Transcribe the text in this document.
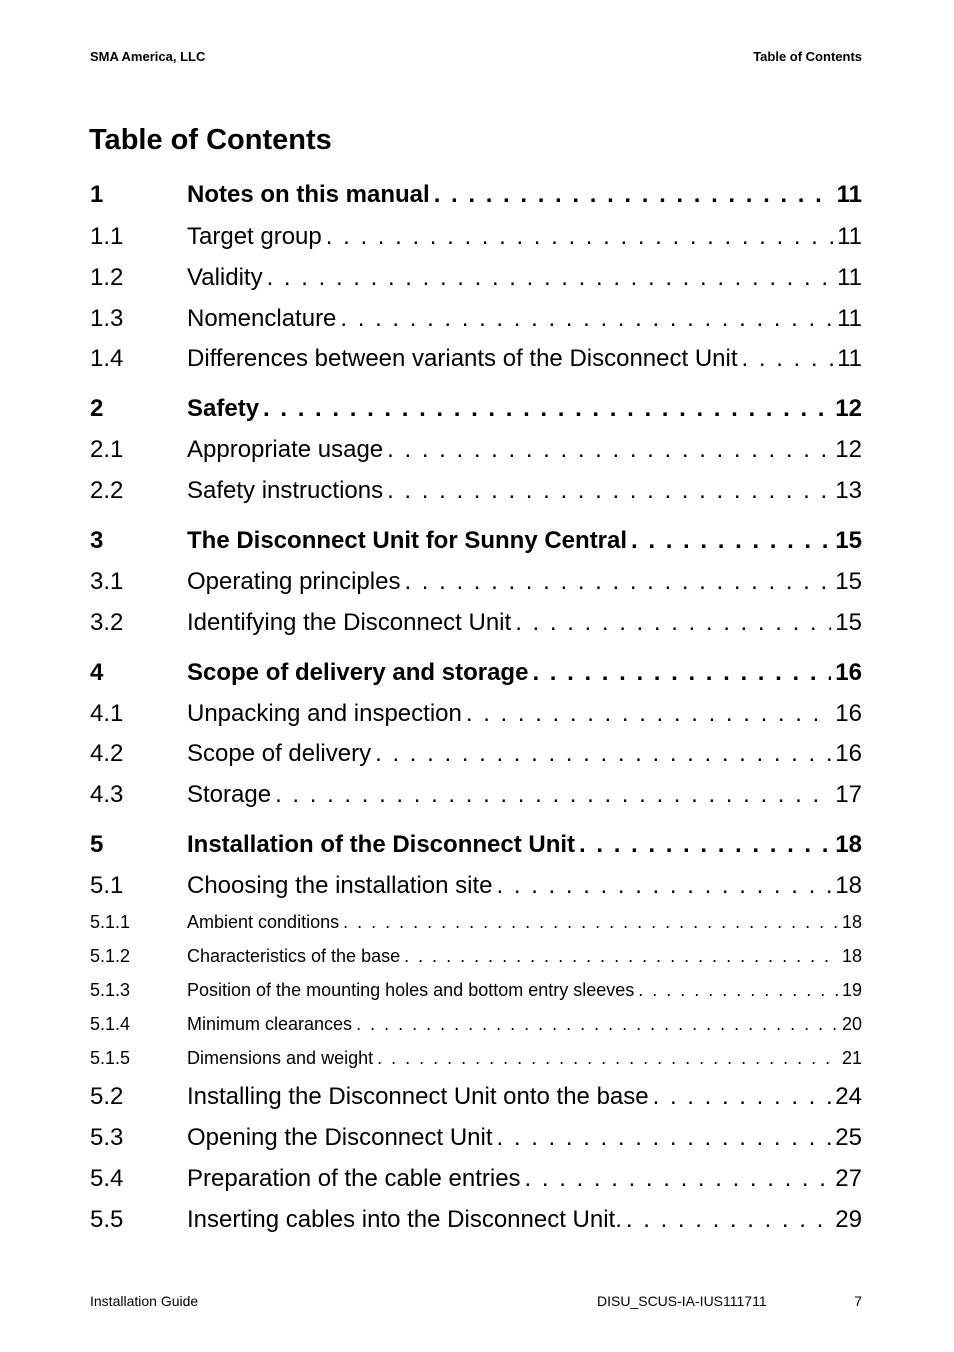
SMA America, LLC	Table of Contents
Table of Contents
1	Notes on this manual . . .	11
1.1	Target group . . .	11
1.2	Validity . . .	11
1.3	Nomenclature . . .	11
1.4	Differences between variants of the Disconnect Unit . . .	11
2	Safety . . .	12
2.1	Appropriate usage . . .	12
2.2	Safety instructions . . .	13
3	The Disconnect Unit for Sunny Central . . .	15
3.1	Operating principles . . .	15
3.2	Identifying the Disconnect Unit . . .	15
4	Scope of delivery and storage . . .	16
4.1	Unpacking and inspection . . .	16
4.2	Scope of delivery . . .	16
4.3	Storage . . .	17
5	Installation of the Disconnect Unit . . .	18
5.1	Choosing the installation site . . .	18
5.1.1	Ambient conditions . . .	18
5.1.2	Characteristics of the base . . .	18
5.1.3	Position of the mounting holes and bottom entry sleeves . . .	19
5.1.4	Minimum clearances . . .	20
5.1.5	Dimensions and weight . . .	21
5.2	Installing the Disconnect Unit onto the base . . .	24
5.3	Opening the Disconnect Unit . . .	25
5.4	Preparation of the cable entries . . .	27
5.5	Inserting cables into the Disconnect Unit. . . .	29
Installation Guide	DISU_SCUS-IA-IUS111711	7
